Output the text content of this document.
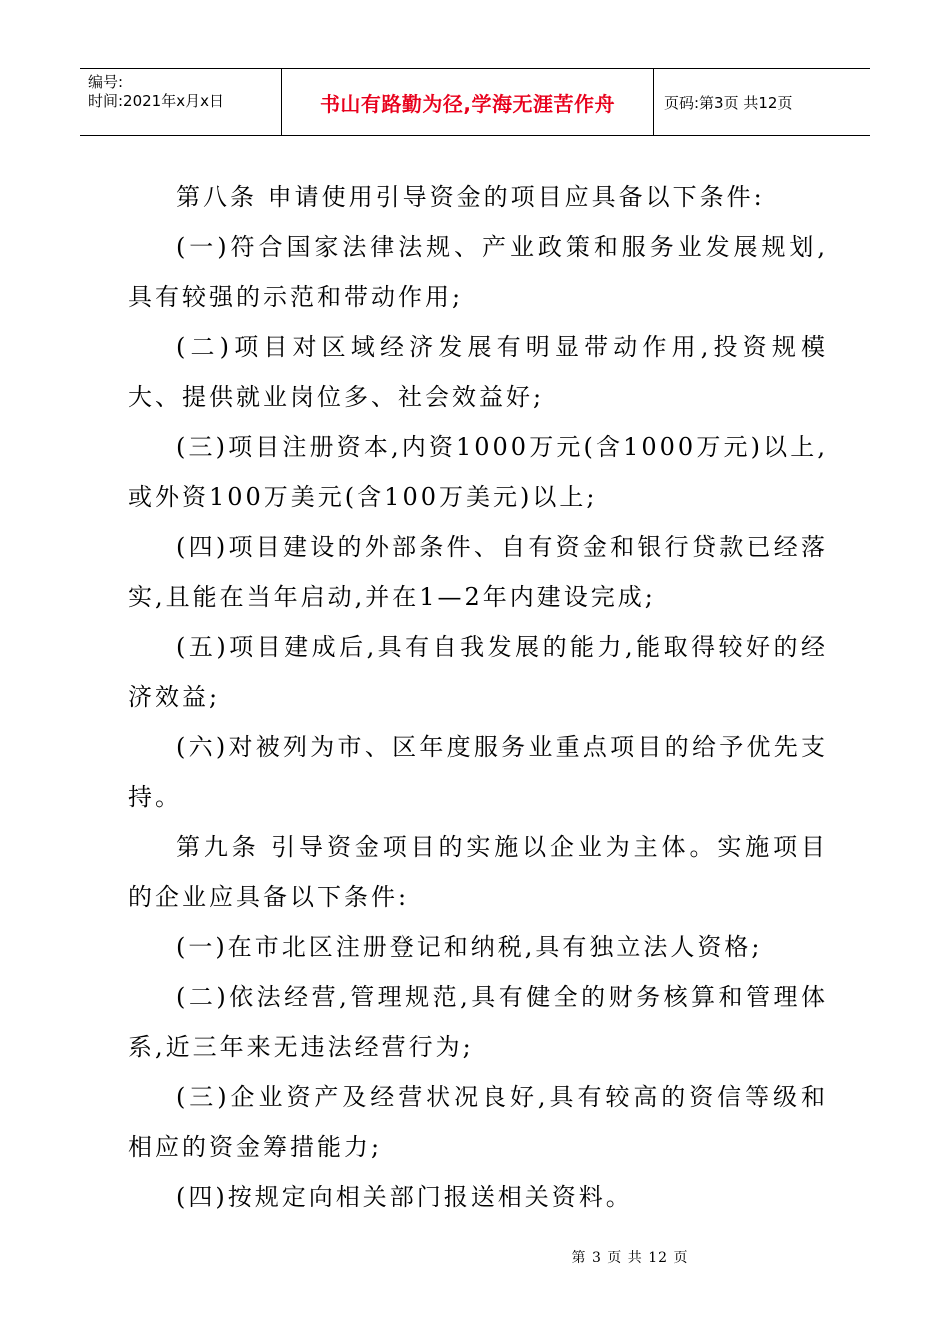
编号:
时间:2021年x月x日	书山有路勤为径,学海无涯苦作舟	页码:第3页 共12页

第八条 申请使用引导资金的项目应具备以下条件:

(一)符合国家法律法规、产业政策和服务业发展规划,具有较强的示范和带动作用;

(二)项目对区域经济发展有明显带动作用,投资规模大、提供就业岗位多、社会效益好;

(三)项目注册资本,内资1000万元(含1000万元)以上,或外资100万美元(含100万美元)以上;

(四)项目建设的外部条件、自有资金和银行贷款已经落实,且能在当年启动,并在1—2年内建设完成;

(五)项目建成后,具有自我发展的能力,能取得较好的经济效益;

(六)对被列为市、区年度服务业重点项目的给予优先支持。

第九条 引导资金项目的实施以企业为主体。实施项目的企业应具备以下条件:

(一)在市北区注册登记和纳税,具有独立法人资格;

(二)依法经营,管理规范,具有健全的财务核算和管理体系,近三年来无违法经营行为;

(三)企业资产及经营状况良好,具有较高的资信等级和相应的资金筹措能力;

(四)按规定向相关部门报送相关资料。

第 3 页 共 12 页
